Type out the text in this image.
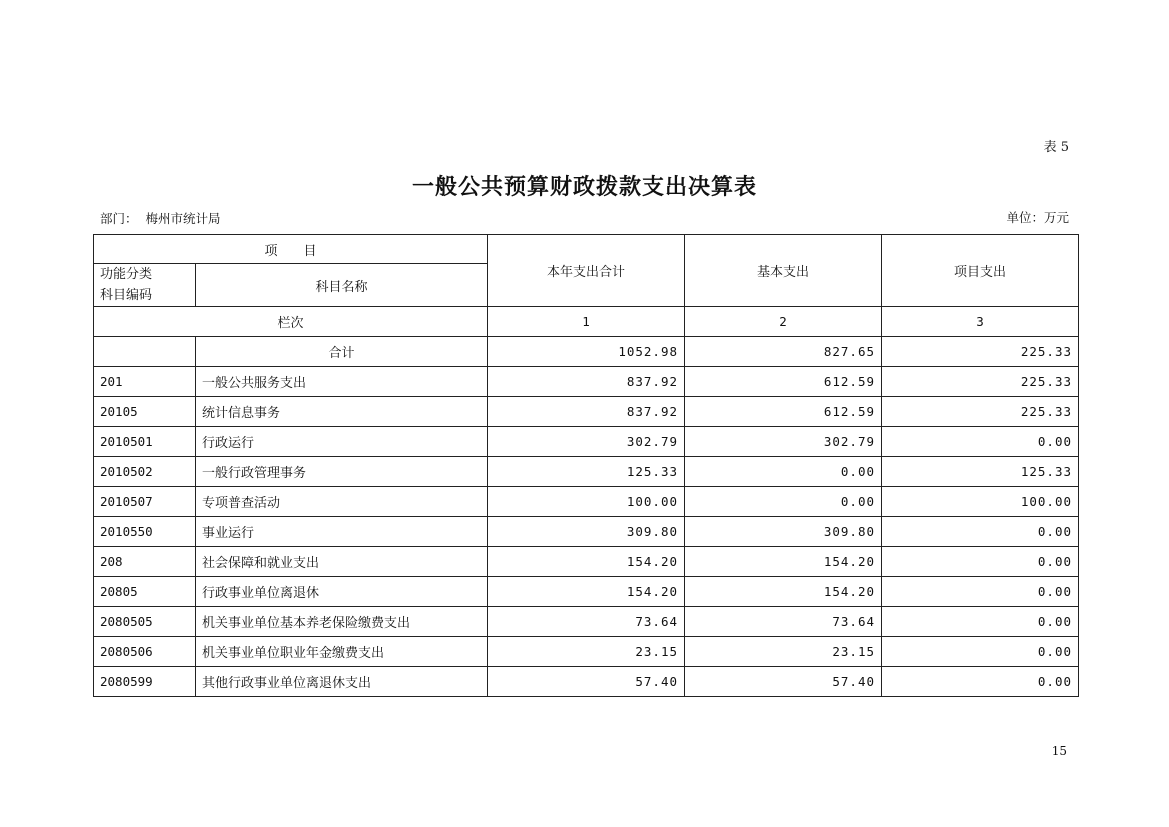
表 5
一般公共预算财政拨款支出决算表
部门： 梅州市统计局	单位：万元
项　　目		本年支出合计	基本支出	项目支出

功能分类
科目编码	科目名称			
栏次		1	2	3
	合计	1052.98	827.65	225.33
201	一般公共服务支出	837.92	612.59	225.33
20105	统计信息事务	837.92	612.59	225.33
2010501	行政运行	302.79	302.79	0.00
2010502	一般行政管理事务	125.33	0.00	125.33
2010507	专项普查活动	100.00	0.00	100.00
2010550	事业运行	309.80	309.80	0.00
208	社会保障和就业支出	154.20	154.20	0.00
20805	行政事业单位离退休	154.20	154.20	0.00
2080505	机关事业单位基本养老保险缴费支出	73.64	73.64	0.00
2080506	机关事业单位职业年金缴费支出	23.15	23.15	0.00
2080599	其他行政事业单位离退休支出	57.40	57.40	0.00
15
